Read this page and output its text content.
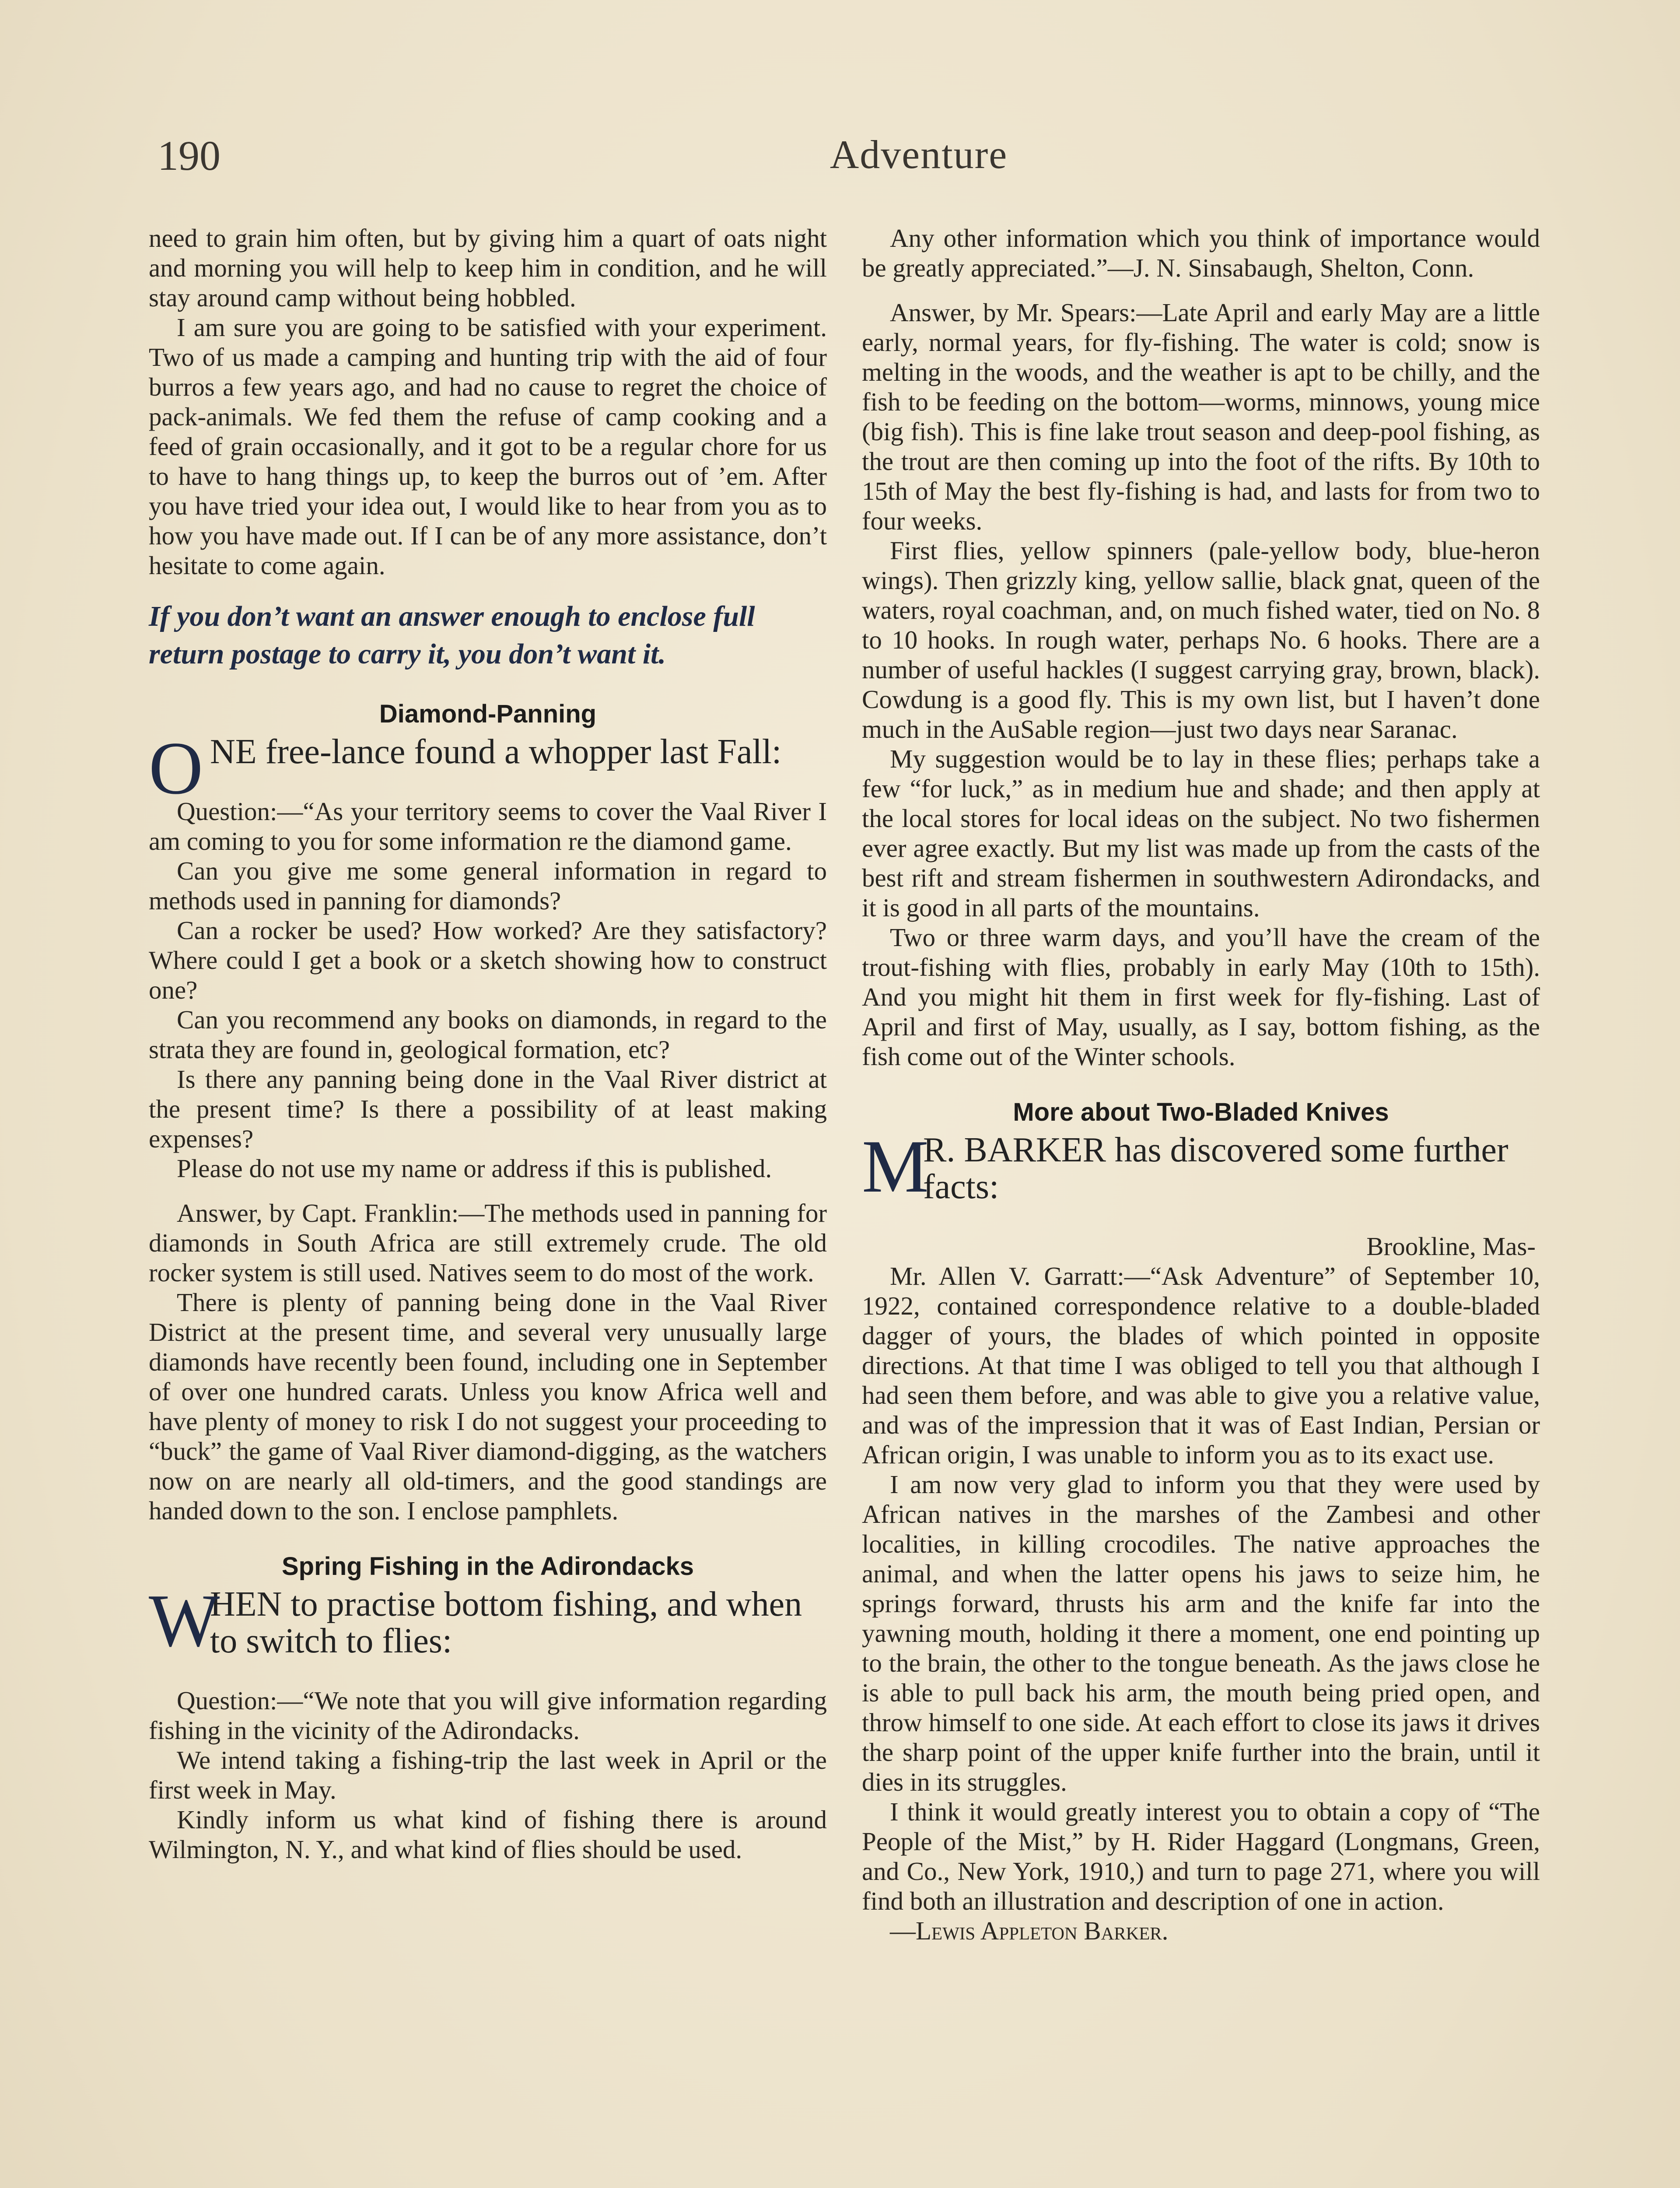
190	Adventure

need to grain him often, but by giving him a quart of oats night and morning you will help to keep him in condition, and he will stay around camp without being hobbled.

I am sure you are going to be satisfied with your experiment. Two of us made a camping and hunting trip with the aid of four burros a few years ago, and had no cause to regret the choice of pack-animals. We fed them the refuse of camp cooking and a feed of grain occasionally, and it got to be a regular chore for us to have to hang things up, to keep the burros out of ’em. After you have tried your idea out, I would like to hear from you as to how you have made out. If I can be of any more assistance, don’t hesitate to come again.

If you don’t want an answer enough to enclose full return postage to carry it, you don’t want it.

Diamond-Panning
O NE free-lance found a whopper last Fall:

Question:—“As your territory seems to cover the Vaal River I am coming to you for some information re the diamond game.

Can you give me some general information in regard to methods used in panning for diamonds?

Can a rocker be used? How worked? Are they satisfactory? Where could I get a book or a sketch showing how to construct one?

Can you recommend any books on diamonds, in regard to the strata they are found in, geological formation, etc?

Is there any panning being done in the Vaal River district at the present time? Is there a possibility of at least making expenses?

Please do not use my name or address if this is published.

Answer, by Capt. Franklin:—The methods used in panning for diamonds in South Africa are still extremely crude. The old rocker system is still used. Natives seem to do most of the work.

There is plenty of panning being done in the Vaal River District at the present time, and several very unusually large diamonds have recently been found, including one in September of over one hundred carats. Unless you know Africa well and have plenty of money to risk I do not suggest your proceeding to “buck” the game of Vaal River diamond-digging, as the watchers now on are nearly all old-timers, and the good standings are handed down to the son. I enclose pamphlets.

Spring Fishing in the Adirondacks
W
HEN to practise bottom fishing, and when to switch to flies:

Question:—“We note that you will give information regarding fishing in the vicinity of the Adirondacks.

We intend taking a fishing-trip the last week in April or the first week in May.

Kindly inform us what kind of fishing there is around Wilmington, N. Y., and what kind of flies should be used.

Any other information which you think of importance would be greatly appreciated.”—J. N. Sinsabaugh, Shelton, Conn.

Answer, by Mr. Spears:—Late April and early May are a little early, normal years, for fly-fishing. The water is cold; snow is melting in the woods, and the weather is apt to be chilly, and the fish to be feeding on the bottom—worms, minnows, young mice (big fish). This is fine lake trout season and deep-pool fishing, as the trout are then coming up into the foot of the rifts. By 10th to 15th of May the best fly-fishing is had, and lasts for from two to four weeks.

First flies, yellow spinners (pale-yellow body, blue-heron wings). Then grizzly king, yellow sallie, black gnat, queen of the waters, royal coachman, and, on much fished water, tied on No. 8 to 10 hooks. In rough water, perhaps No. 6 hooks. There are a number of useful hackles (I suggest carrying gray, brown, black). Cowdung is a good fly. This is my own list, but I haven’t done much in the AuSable region—just two days near Saranac.

My suggestion would be to lay in these flies; perhaps take a few “for luck,” as in medium hue and shade; and then apply at the local stores for local ideas on the subject. No two fishermen ever agree exactly. But my list was made up from the casts of the best rift and stream fishermen in southwestern Adirondacks, and it is good in all parts of the mountains.

Two or three warm days, and you’ll have the cream of the trout-fishing with flies, probably in early May (10th to 15th). And you might hit them in first week for fly-fishing. Last of April and first of May, usually, as I say, bottom fishing, as the fish come out of the Winter schools.

More about Two-Bladed Knives
M
R. BARKER has discovered some further facts:

Brookline, Mas-

Mr. Allen V. Garratt:—“Ask Adventure” of September 10, 1922, contained correspondence relative to a double-bladed dagger of yours, the blades of which pointed in opposite directions. At that time I was obliged to tell you that although I had seen them before, and was able to give you a relative value, and was of the impression that it was of East Indian, Persian or African origin, I was unable to inform you as to its exact use.

I am now very glad to inform you that they were used by African natives in the marshes of the Zambesi and other localities, in killing crocodiles. The native approaches the animal, and when the latter opens his jaws to seize him, he springs forward, thrusts his arm and the knife far into the yawning mouth, holding it there a moment, one end pointing up to the brain, the other to the tongue beneath. As the jaws close he is able to pull back his arm, the mouth being pried open, and throw himself to one side. At each effort to close its jaws it drives the sharp point of the upper knife further into the brain, until it dies in its struggles.

I think it would greatly interest you to obtain a copy of “The People of the Mist,” by H. Rider Haggard (Longmans, Green, and Co., New York, 1910,) and turn to page 271, where you will find both an illustration and description of one in action.

—Lewis Appleton Barker.
